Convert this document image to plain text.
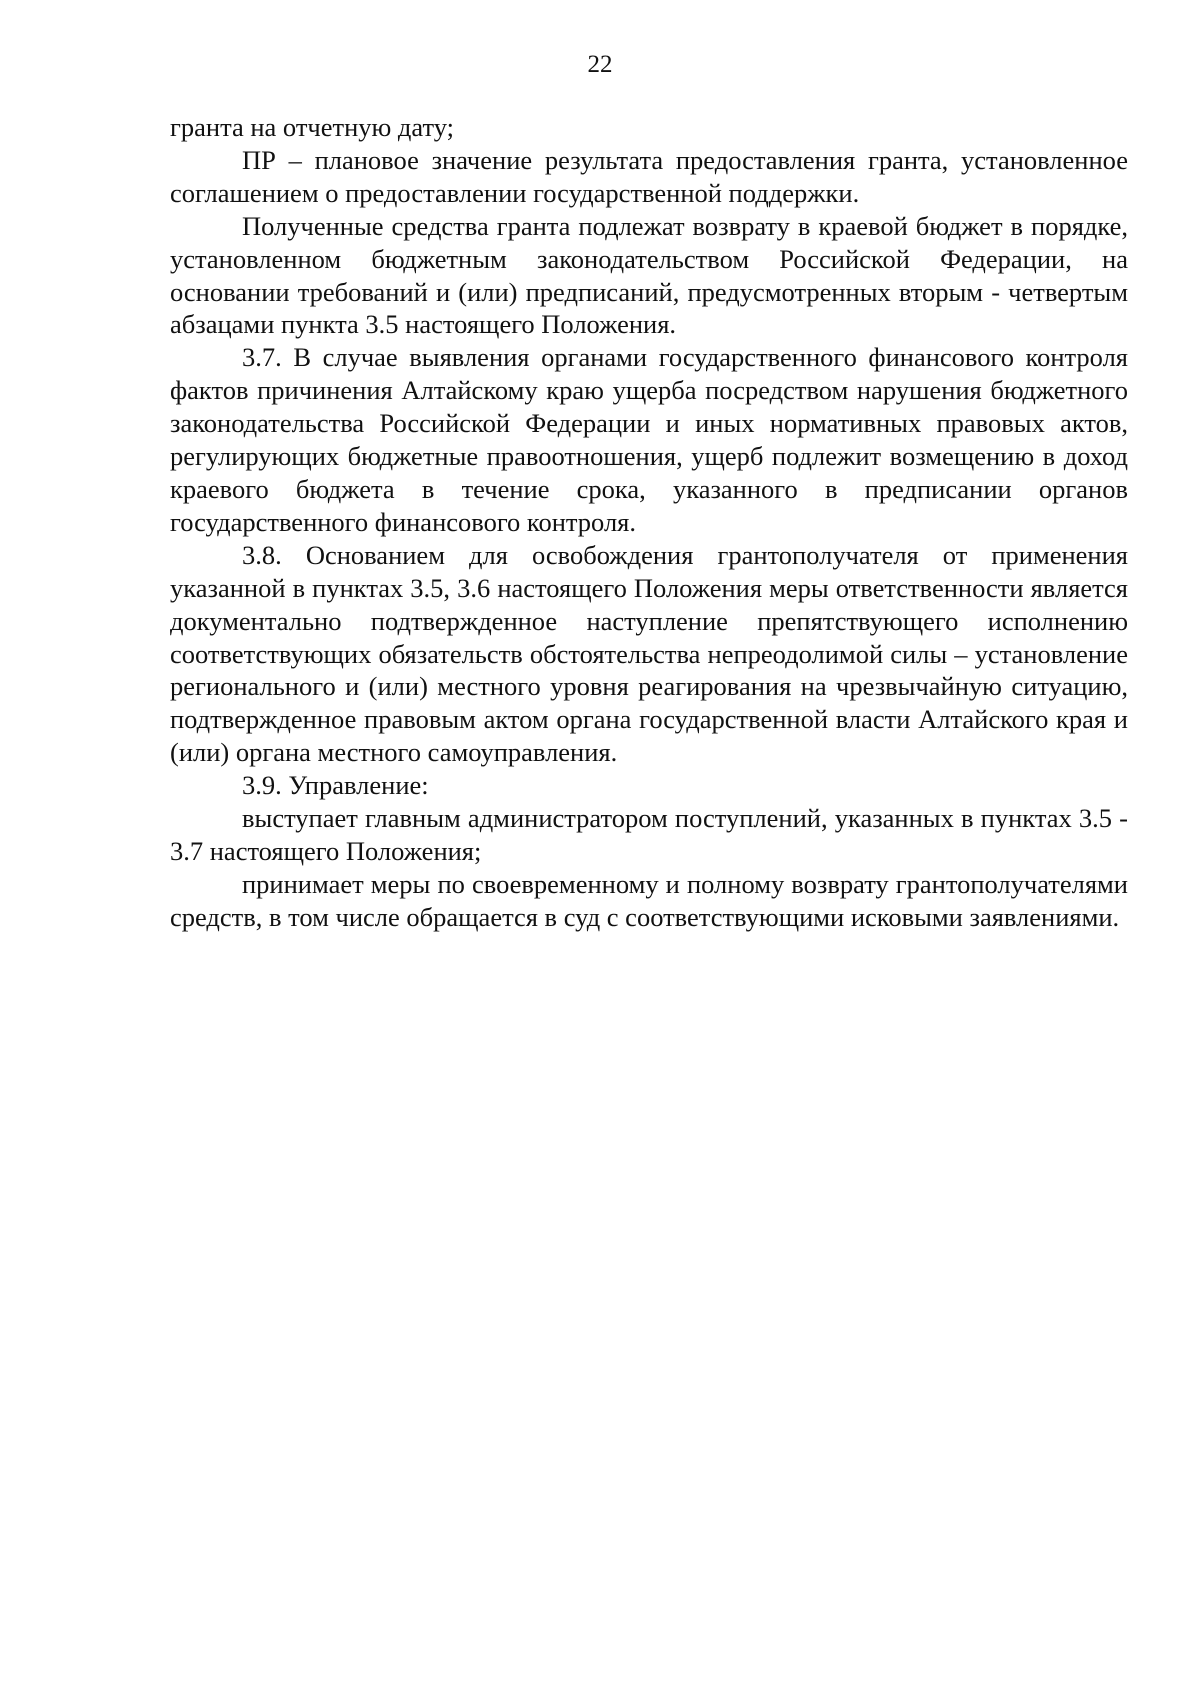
22

гранта на отчетную дату;

ПР – плановое значение результата предоставления гранта, установленное соглашением о предоставлении государственной поддержки.

Полученные средства гранта подлежат возврату в краевой бюджет в порядке, установленном бюджетным законодательством Российской Федерации, на основании требований и (или) предписаний, предусмотренных вторым - четвертым абзацами пункта 3.5 настоящего Положения.

3.7. В случае выявления органами государственного финансового контроля фактов причинения Алтайскому краю ущерба посредством нарушения бюджетного законодательства Российской Федерации и иных нормативных правовых актов, регулирующих бюджетные правоотношения, ущерб подлежит возмещению в доход краевого бюджета в течение срока, указанного в предписании органов государственного финансового контроля.

3.8. Основанием для освобождения грантополучателя от применения указанной в пунктах 3.5, 3.6 настоящего Положения меры ответственности является документально подтвержденное наступление препятствующего исполнению соответствующих обязательств обстоятельства непреодолимой силы – установление регионального и (или) местного уровня реагирования на чрезвычайную ситуацию, подтвержденное правовым актом органа государственной власти Алтайского края и (или) органа местного самоуправления.

3.9. Управление:

выступает главным администратором поступлений, указанных в пунктах 3.5 - 3.7 настоящего Положения;

принимает меры по своевременному и полному возврату грантополучателями средств, в том числе обращается в суд с соответствующими исковыми заявлениями.
